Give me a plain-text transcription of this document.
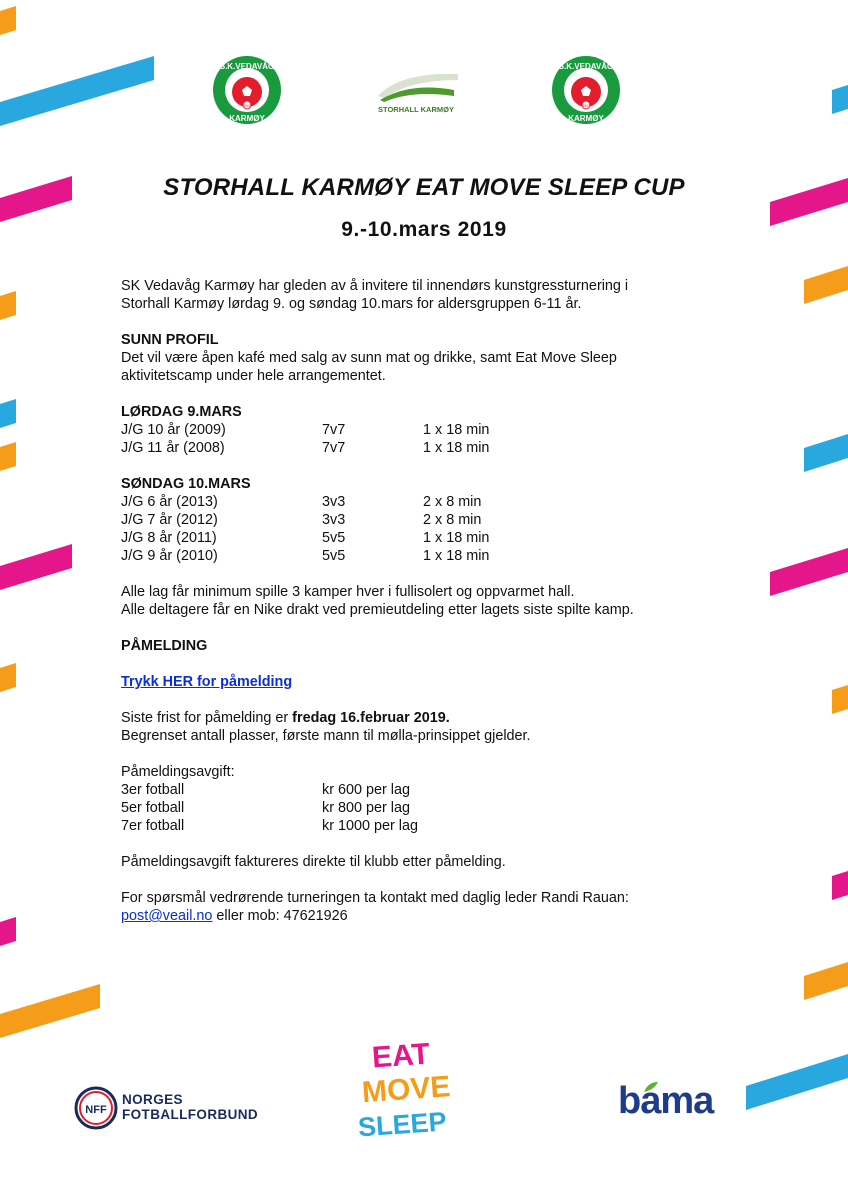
S.K.VEDAVÅG
KARMØY
1907	STORHALL KARMØY
S.K.VEDAVÅG
KARMØY
1907
STORHALL KARMØY EAT MOVE SLEEP CUP
9.-10.mars 2019

SK Vedavåg Karmøy har gleden av å invitere til innendørs kunstgressturnering i

Storhall Karmøy lørdag 9. og søndag 10.mars for aldersgruppen 6-11 år.

SUNN PROFIL

Det vil være åpen kafé med salg av sunn mat og drikke, samt Eat Move Sleep

aktivitetscamp under hele arrangementet.

LØRDAG 9.MARS

J/G 10 år (2009)	7v7	1 x 18 min
J/G 11 år (2008)	7v7	1 x 18 min

SØNDAG 10.MARS

J/G 6 år (2013)	3v3	2 x 8 min
J/G 7 år (2012)	3v3	2 x 8 min
J/G 8 år (2011)	5v5	1 x 18 min
J/G 9 år (2010)	5v5	1 x 18 min

Alle lag får minimum spille 3 kamper hver i fullisolert og oppvarmet hall.

Alle deltagere får en Nike drakt ved premieutdeling etter lagets siste spilte kamp.

PÅMELDING

Trykk HER for påmelding

Siste frist for påmelding er fredag 16.februar 2019.

Begrenset antall plasser, første mann til mølla-prinsippet gjelder.

Påmeldingsavgift:

3er fotball	kr 600 per lag
5er fotball	kr 800 per lag
7er fotball	kr 1000 per lag

Påmeldingsavgift faktureres direkte til klubb etter påmelding.

For spørsmål vedrørende turneringen ta kontakt med daglig leder Randi Rauan:

post@veail.no eller mob: 47621926

NFF
NORGES
FOTBALLFORBUND
EAT
MOVE
SLEEP
bama
